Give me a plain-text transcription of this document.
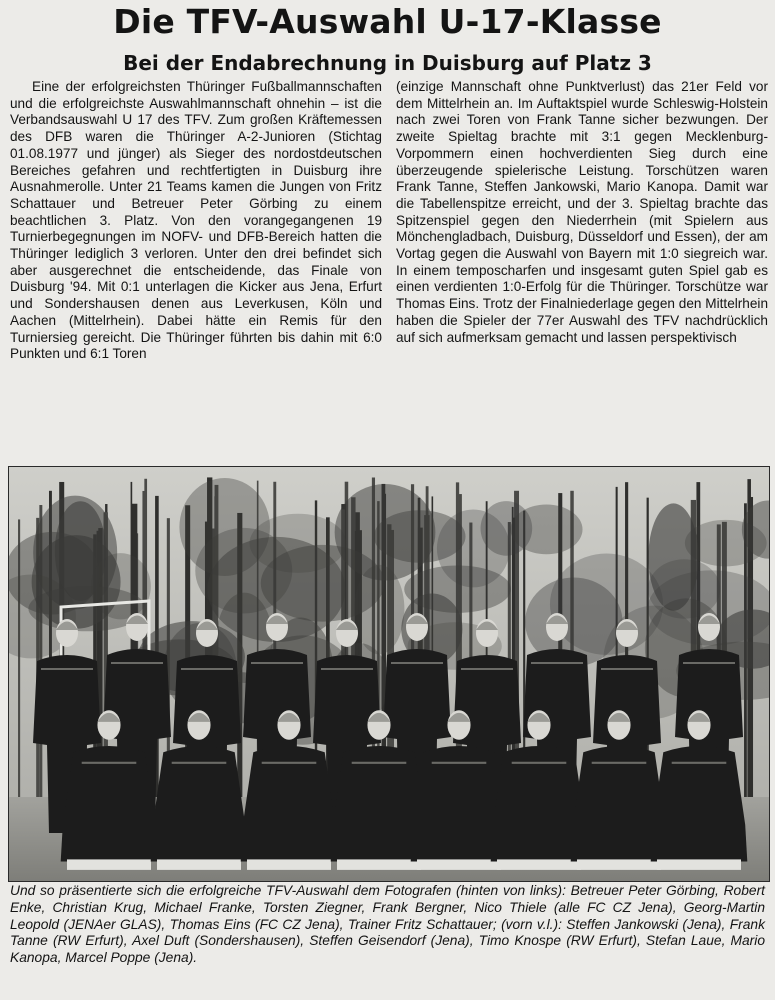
Die TFV-Auswahl U-17-Klasse
Bei der Endabrechnung in Duisburg auf Platz 3

Eine der erfolgreichsten Thüringer Fußballmannschaften und die erfolgreichste Auswahlmannschaft ohnehin – ist die Verbandsauswahl U 17 des TFV. Zum großen Kräftemessen des DFB waren die Thüringer A-2-Junioren (Stichtag 01.08.1977 und jünger) als Sieger des nordostdeutschen Bereiches gefahren und rechtfertigten in Duisburg ihre Ausnahmerolle. Unter 21 Teams kamen die Jungen von Fritz Schattauer und Betreuer Peter Görbing zu einem beachtlichen 3. Platz. Von den vorangegangenen 19 Turnierbegegnungen im NOFV- und DFB-Bereich hatten die Thüringer lediglich 3 verloren. Unter den drei befindet sich aber ausgerechnet die entscheidende, das Finale von Duisburg '94. Mit 0:1 unterlagen die Kicker aus Jena, Erfurt und Sondershausen denen aus Leverkusen, Köln und Aachen (Mittelrhein). Dabei hätte ein Remis für den Turniersieg gereicht. Die Thüringer führten bis dahin mit 6:0 Punkten und 6:1 Toren

(einzige Mannschaft ohne Punktverlust) das 21er Feld vor dem Mittelrhein an. Im Auftaktspiel wurde Schleswig-Holstein nach zwei Toren von Frank Tanne sicher bezwungen. Der zweite Spieltag brachte mit 3:1 gegen Mecklenburg-Vorpommern einen hochverdienten Sieg durch eine überzeugende spielerische Leistung. Torschützen waren Frank Tanne, Steffen Jankowski, Mario Kanopa. Damit war die Tabellenspitze erreicht, und der 3. Spieltag brachte das Spitzenspiel gegen den Niederrhein (mit Spielern aus Mönchengladbach, Duisburg, Düsseldorf und Essen), der am Vortag gegen die Auswahl von Bayern mit 1:0 siegreich war. In einem temposcharfen und insgesamt guten Spiel gab es einen verdienten 1:0-Erfolg für die Thüringer. Torschütze war Thomas Eins. Trotz der Finalniederlage gegen den Mittelrhein haben die Spieler der 77er Auswahl des TFV nachdrücklich auf sich aufmerksam gemacht und lassen perspektivisch

Und so präsentierte sich die erfolgreiche TFV-Auswahl dem Fotografen (hinten von links): Betreuer Peter Görbing, Robert Enke, Christian Krug, Michael Franke, Torsten Ziegner, Frank Bergner, Nico Thiele (alle FC CZ Jena), Georg-Martin Leopold (JENAer GLAS), Thomas Eins (FC CZ Jena), Trainer Fritz Schattauer; (vorn v.l.): Steffen Jankowski (Jena), Frank Tanne (RW Erfurt), Axel Duft (Sondershausen), Steffen Geisendorf (Jena), Timo Knospe (RW Erfurt), Stefan Laue, Mario Kanopa, Marcel Poppe (Jena).
